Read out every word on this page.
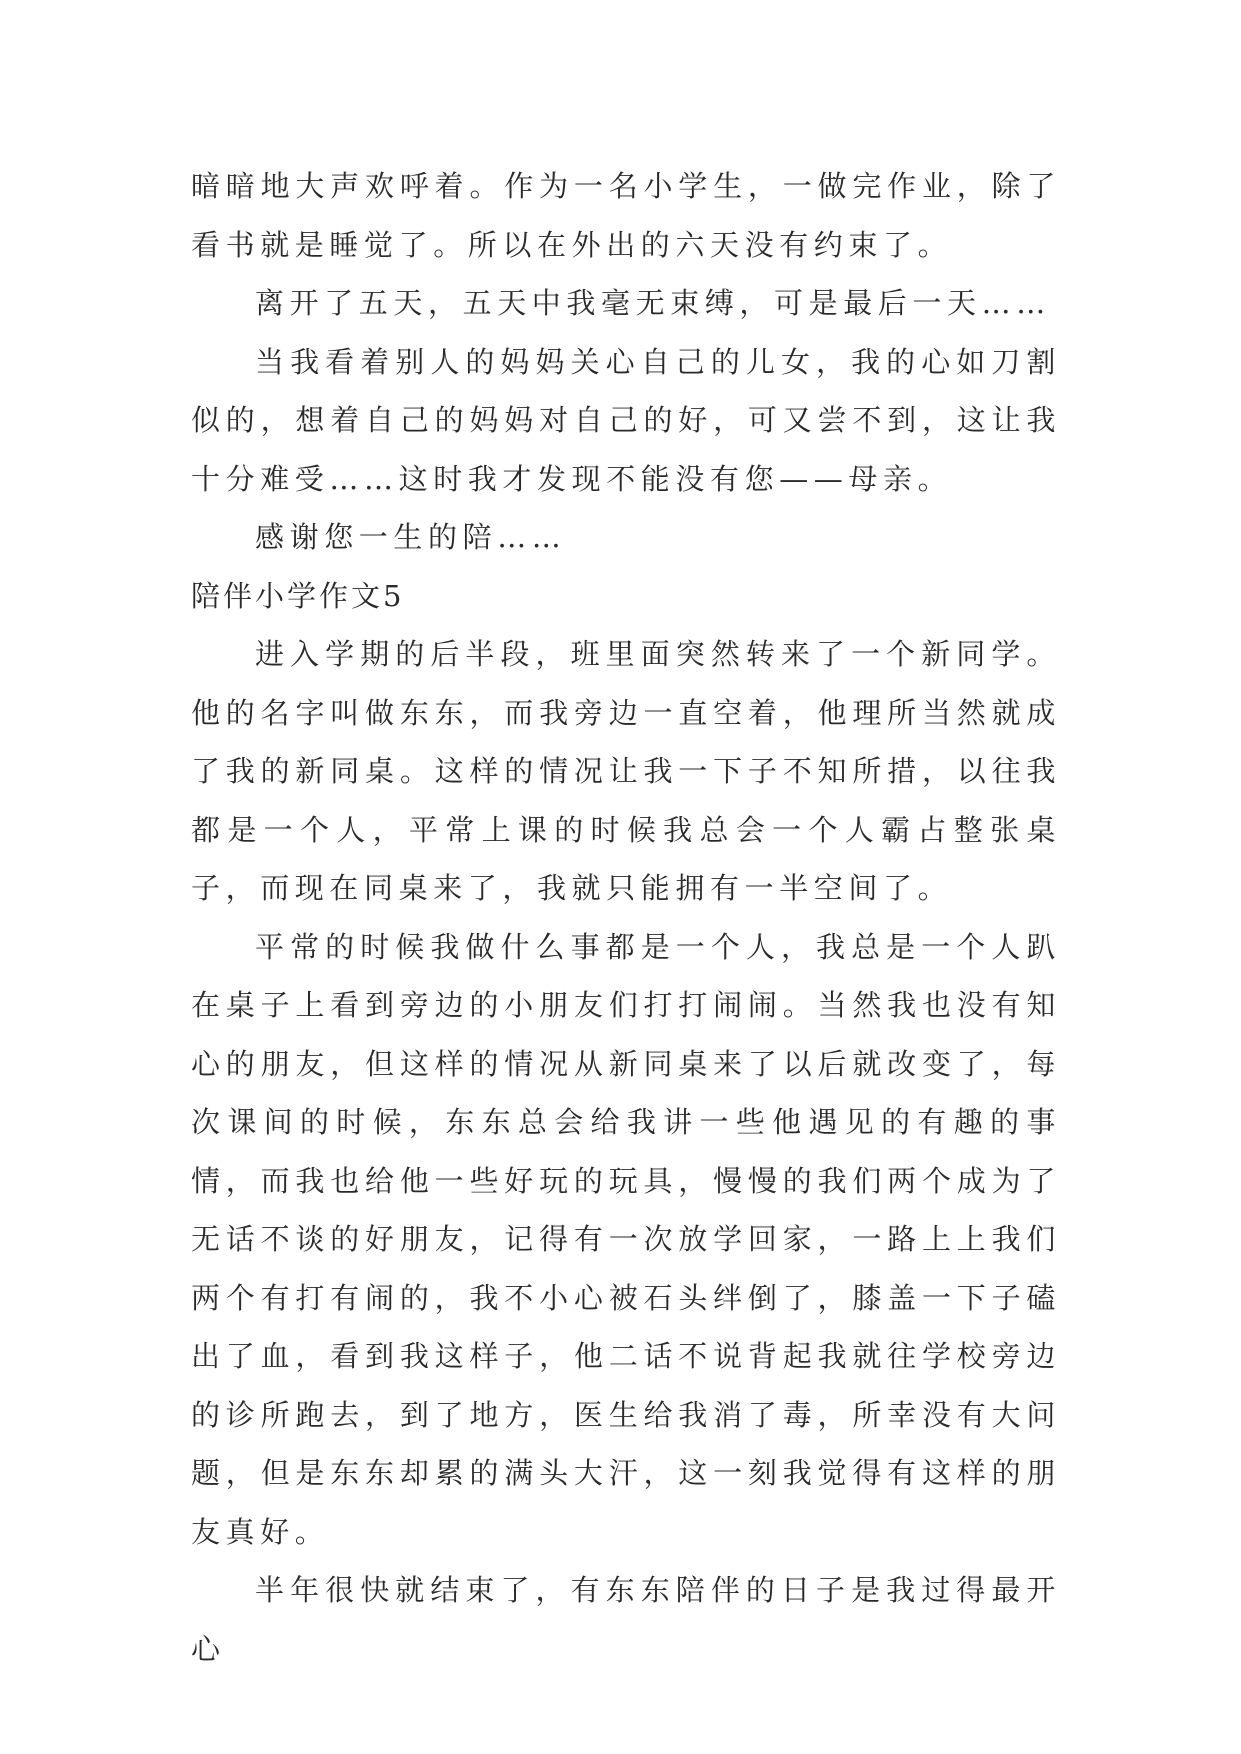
暗暗地大声欢呼着。作为一名小学生，一做完作业，除了看书就是睡觉了。所以在外出的六天没有约束了。

离开了五天，五天中我毫无束缚，可是最后一天……

当我看着别人的妈妈关心自己的儿女，我的心如刀割似的，想着自己的妈妈对自己的好，可又尝不到，这让我十分难受……这时我才发现不能没有您——母亲。

感谢您一生的陪……

陪伴小学作文5

进入学期的后半段，班里面突然转来了一个新同学。他的名字叫做东东，而我旁边一直空着，他理所当然就成了我的新同桌。这样的情况让我一下子不知所措，以往我都是一个人，平常上课的时候我总会一个人霸占整张桌子，而现在同桌来了，我就只能拥有一半空间了。

平常的时候我做什么事都是一个人，我总是一个人趴在桌子上看到旁边的小朋友们打打闹闹。当然我也没有知心的朋友，但这样的情况从新同桌来了以后就改变了，每次课间的时候，东东总会给我讲一些他遇见的有趣的事情，而我也给他一些好玩的玩具，慢慢的我们两个成为了无话不谈的好朋友，记得有一次放学回家，一路上上我们两个有打有闹的，我不小心被石头绊倒了，膝盖一下子磕出了血，看到我这样子，他二话不说背起我就往学校旁边的诊所跑去，到了地方，医生给我消了毒，所幸没有大问题，但是东东却累的满头大汗，这一刻我觉得有这样的朋友真好。

半年很快就结束了，有东东陪伴的日子是我过得最开心
